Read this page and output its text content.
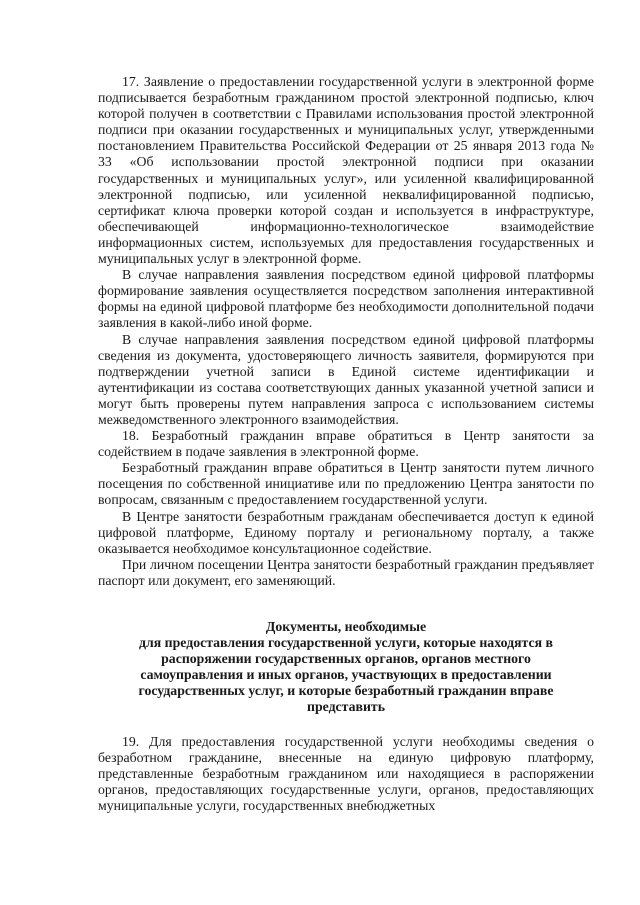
17. Заявление о предоставлении государственной услуги в электронной форме подписывается безработным гражданином простой электронной подписью, ключ которой получен в соответствии с Правилами использования простой электронной подписи при оказании государственных и муниципальных услуг, утвержденными постановлением Правительства Российской Федерации от 25 января 2013 года № 33 «Об использовании простой электронной подписи при оказании государственных и муниципальных услуг», или усиленной квалифицированной электронной подписью, или усиленной неквалифицированной подписью, сертификат ключа проверки которой создан и используется в инфраструктуре, обеспечивающей информационно-технологическое взаимодействие информационных систем, используемых для предоставления государственных и муниципальных услуг в электронной форме.

В случае направления заявления посредством единой цифровой платформы формирование заявления осуществляется посредством заполнения интерактивной формы на единой цифровой платформе без необходимости дополнительной подачи заявления в какой-либо иной форме.

В случае направления заявления посредством единой цифровой платформы сведения из документа, удостоверяющего личность заявителя, формируются при подтверждении учетной записи в Единой системе идентификации и аутентификации из состава соответствующих данных указанной учетной записи и могут быть проверены путем направления запроса с использованием системы межведомственного электронного взаимодействия.

18. Безработный гражданин вправе обратиться в Центр занятости за содействием в подаче заявления в электронной форме.

Безработный гражданин вправе обратиться в Центр занятости путем личного посещения по собственной инициативе или по предложению Центра занятости по вопросам, связанным с предоставлением государственной услуги.

В Центре занятости безработным гражданам обеспечивается доступ к единой цифровой платформе, Единому порталу и региональному порталу, а также оказывается необходимое консультационное содействие.

При личном посещении Центра занятости безработный гражданин предъявляет паспорт или документ, его заменяющий.

Документы, необходимые
для предоставления государственной услуги, которые находятся в
распоряжении государственных органов, органов местного
самоуправления и иных органов, участвующих в предоставлении
государственных услуг, и которые безработный гражданин вправе
представить

19. Для предоставления государственной услуги необходимы сведения о безработном гражданине, внесенные на единую цифровую платформу, представленные безработным гражданином или находящиеся в распоряжении органов, предоставляющих государственные услуги, органов, предоставляющих муниципальные услуги, государственных внебюджетных
